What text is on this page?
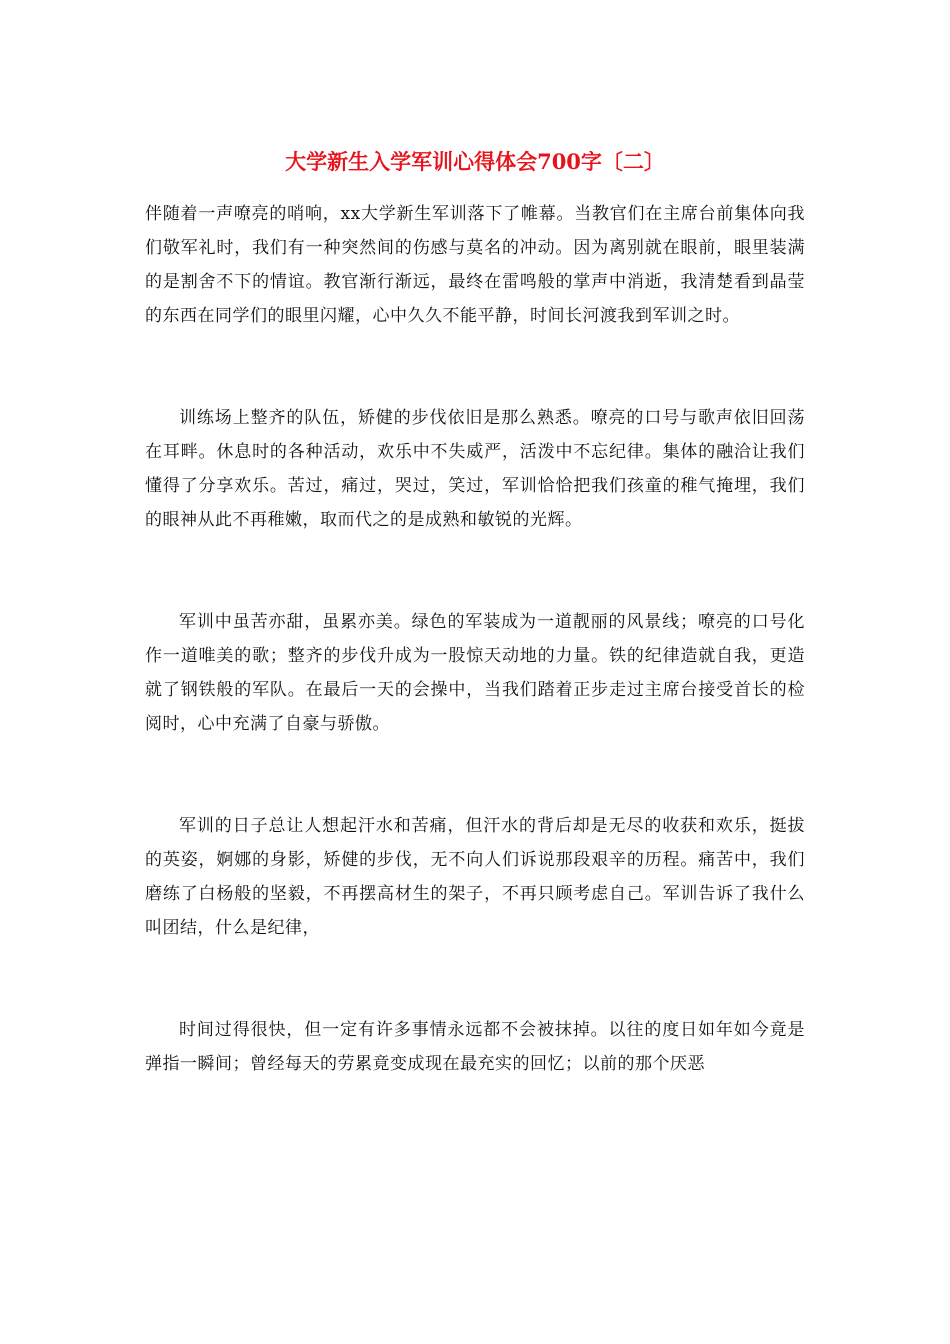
大学新生入学军训心得体会700字〔二〕

伴随着一声嘹亮的哨响，xx大学新生军训落下了帷幕。当教官们在主席台前集体向我们敬军礼时，我们有一种突然间的伤感与莫名的冲动。因为离别就在眼前，眼里装满的是割舍不下的情谊。教官渐行渐远，最终在雷鸣般的掌声中消逝，我清楚看到晶莹的东西在同学们的眼里闪耀，心中久久不能平静，时间长河渡我到军训之时。

训练场上整齐的队伍，矫健的步伐依旧是那么熟悉。嘹亮的口号与歌声依旧回荡在耳畔。休息时的各种活动，欢乐中不失威严，活泼中不忘纪律。集体的融洽让我们懂得了分享欢乐。苦过，痛过，哭过，笑过，军训恰恰把我们孩童的稚气掩埋，我们的眼神从此不再稚嫩，取而代之的是成熟和敏锐的光辉。

军训中虽苦亦甜，虽累亦美。绿色的军装成为一道靓丽的风景线；嘹亮的口号化作一道唯美的歌；整齐的步伐升成为一股惊天动地的力量。铁的纪律造就自我，更造就了钢铁般的军队。在最后一天的会操中，当我们踏着正步走过主席台接受首长的检阅时，心中充满了自豪与骄傲。

军训的日子总让人想起汗水和苦痛，但汗水的背后却是无尽的收获和欢乐，挺拔的英姿，婀娜的身影，矫健的步伐，无不向人们诉说那段艰辛的历程。痛苦中，我们磨练了白杨般的坚毅，不再摆高材生的架子，不再只顾考虑自己。军训告诉了我什么叫团结，什么是纪律，

时间过得很快，但一定有许多事情永远都不会被抹掉。以往的度日如年如今竟是弹指一瞬间；曾经每天的劳累竟变成现在最充实的回忆；以前的那个厌恶
